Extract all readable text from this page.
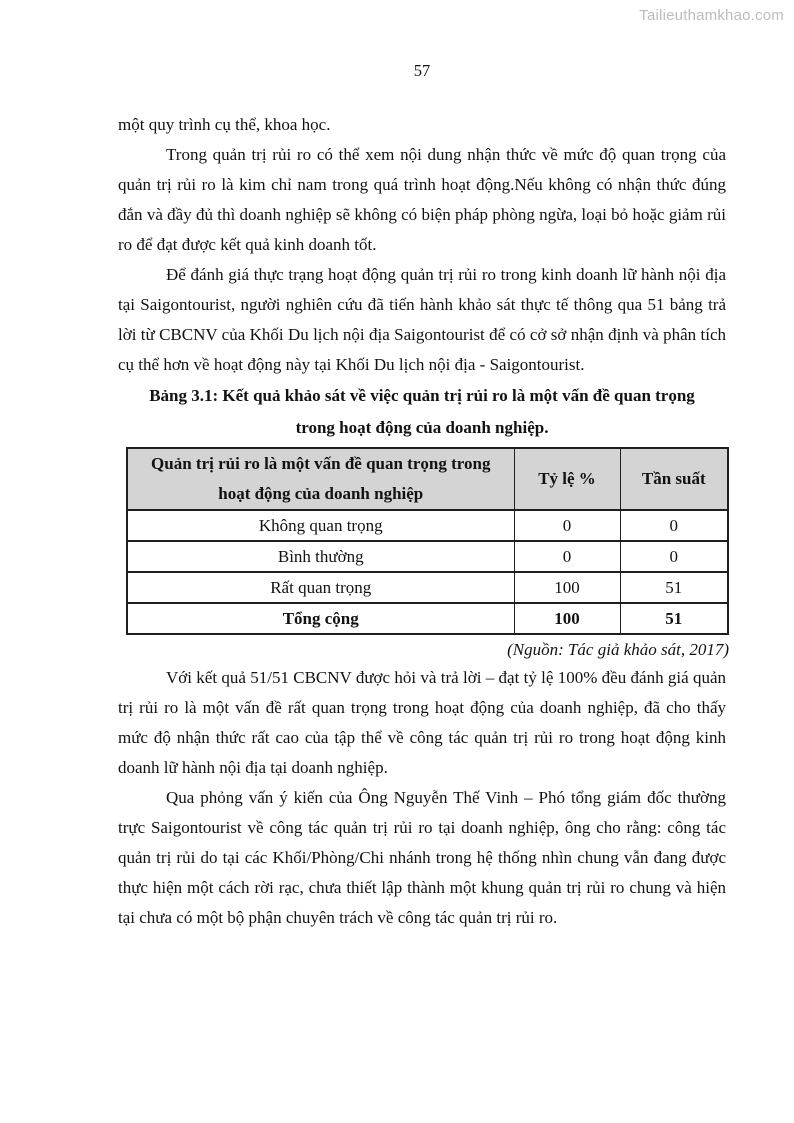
Tailieuthamkhao.com
57

một quy trình cụ thể, khoa học.

Trong quản trị rủi ro có thể xem nội dung nhận thức về mức độ quan trọng của quản trị rủi ro là kim chỉ nam trong quá trình hoạt động.Nếu không có nhận thức đúng đắn và đầy đủ thì doanh nghiệp sẽ không có biện pháp phòng ngừa, loại bỏ hoặc giảm rủi ro để đạt được kết quả kinh doanh tốt.

Để đánh giá thực trạng hoạt động quản trị rủi ro trong kinh doanh lữ hành nội địa tại Saigontourist, người nghiên cứu đã tiến hành khảo sát thực tế thông qua 51 bảng trả lời từ CBCNV của Khối Du lịch nội địa Saigontourist để có cở sở nhận định và phân tích cụ thể hơn về hoạt động này tại Khối Du lịch nội địa - Saigontourist.

Bảng 3.1: Kết quả khảo sát về việc quản trị rủi ro là một vấn đề quan trọng
trong hoạt động của doanh nghiệp.
Quản trị rủi ro là một vấn đề quan trọng trong hoạt động của doanh nghiệp	Tỷ lệ %	Tần suất
Không quan trọng	0	0
Bình thường	0	0
Rất quan trọng	100	51
Tổng cộng	100	51

(Nguồn: Tác giả khảo sát, 2017)

Với kết quả 51/51 CBCNV được hỏi và trả lời – đạt tỷ lệ 100% đều đánh giá quản trị rủi ro là một vấn đề rất quan trọng trong hoạt động của doanh nghiệp, đã cho thấy mức độ nhận thức rất cao của tập thể về công tác quản trị rủi ro trong hoạt động kinh doanh lữ hành nội địa tại doanh nghiệp.

Qua phỏng vấn ý kiến của Ông Nguyễn Thế Vinh – Phó tổng giám đốc thường trực Saigontourist về công tác quản trị rủi ro tại doanh nghiệp, ông cho rằng: công tác quản trị rủi do tại các Khối/Phòng/Chi nhánh trong hệ thống nhìn chung vẫn đang được thực hiện một cách rời rạc, chưa thiết lập thành một khung quản trị rủi ro chung và hiện tại chưa có một bộ phận chuyên trách về công tác quản trị rủi ro.
